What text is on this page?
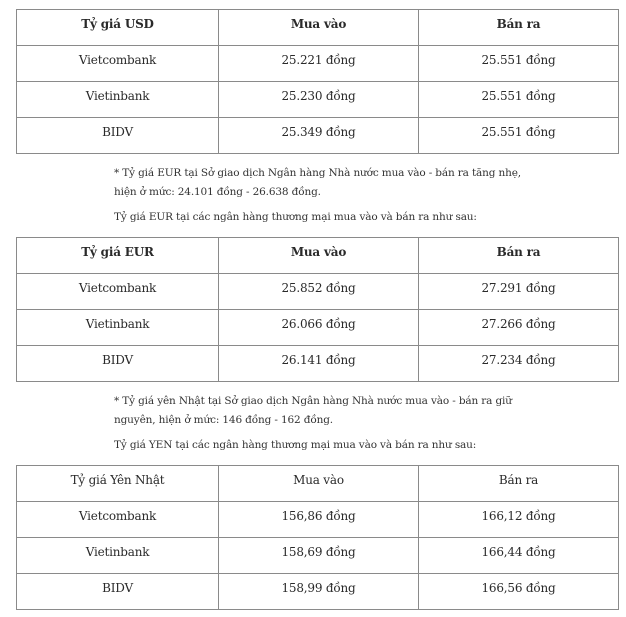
Tỷ giá USD	Mua vào	Bán ra
Vietcombank	25.221 đồng	25.551 đồng
Vietinbank	25.230 đồng	25.551 đồng
BIDV	25.349 đồng	25.551 đồng

* Tỷ giá EUR tại Sở giao dịch Ngân hàng Nhà nước mua vào - bán ra tăng nhẹ, hiện ở mức: 24.101 đồng - 26.638 đồng.

Tỷ giá EUR tại các ngân hàng thương mại mua vào và bán ra như sau:

Tỷ giá EUR	Mua vào	Bán ra
Vietcombank	25.852 đồng	27.291 đồng
Vietinbank	26.066 đồng	27.266 đồng
BIDV	26.141 đồng	27.234 đồng

* Tỷ giá yên Nhật tại Sở giao dịch Ngân hàng Nhà nước mua vào - bán ra giữ nguyên, hiện ở mức: 146 đồng - 162 đồng.

Tỷ giá YEN tại các ngân hàng thương mại mua vào và bán ra như sau:

Tỷ giá Yên Nhật	Mua vào	Bán ra
Vietcombank	156,86 đồng	166,12 đồng
Vietinbank	158,69 đồng	166,44 đồng
BIDV	158,99 đồng	166,56 đồng
